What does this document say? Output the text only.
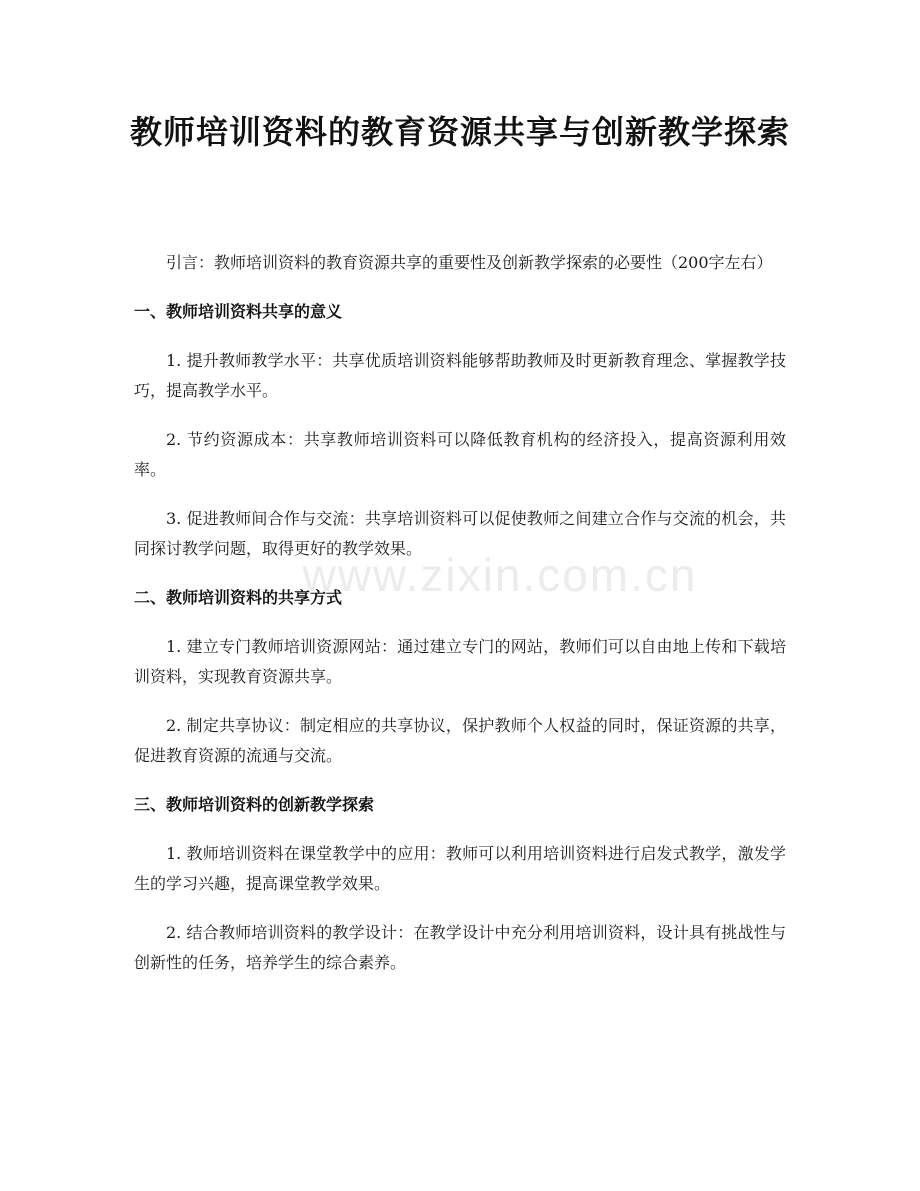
教师培训资料的教育资源共享与创新教学探索

引言：教师培训资料的教育资源共享的重要性及创新教学探索的必要性（200字左右）

一、教师培训资料共享的意义

1. 提升教师教学水平：共享优质培训资料能够帮助教师及时更新教育理念、掌握教学技巧，提高教学水平。

2. 节约资源成本：共享教师培训资料可以降低教育机构的经济投入，提高资源利用效率。

3. 促进教师间合作与交流：共享培训资料可以促使教师之间建立合作与交流的机会，共同探讨教学问题，取得更好的教学效果。

二、教师培训资料的共享方式

1. 建立专门教师培训资源网站：通过建立专门的网站，教师们可以自由地上传和下载培训资料，实现教育资源共享。

2. 制定共享协议：制定相应的共享协议，保护教师个人权益的同时，保证资源的共享，促进教育资源的流通与交流。

三、教师培训资料的创新教学探索

1. 教师培训资料在课堂教学中的应用：教师可以利用培训资料进行启发式教学，激发学生的学习兴趣，提高课堂教学效果。

2. 结合教师培训资料的教学设计：在教学设计中充分利用培训资料，设计具有挑战性与创新性的任务，培养学生的综合素养。

www.zixin.com.cn
